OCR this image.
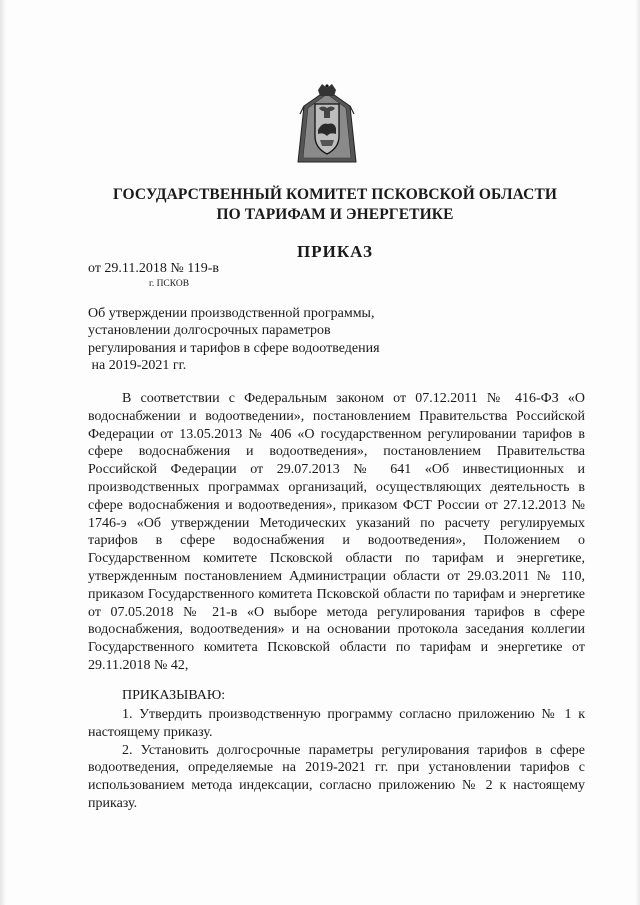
ГОСУДАРСТВЕННЫЙ КОМИТЕТ ПСКОВСКОЙ ОБЛАСТИ
ПО ТАРИФАМ И ЭНЕРГЕТИКЕ
ПРИКАЗ
от 29.11.2018 № 119-в
г. ПСКОВ
Об утверждении производственной программы,
установлении долгосрочных параметров
регулирования и тарифов в сфере водоотведения
на 2019-2021 гг.

В соответствии с Федеральным законом от 07.12.2011 № 416-ФЗ «О водоснабжении и водоотведении», постановлением Правительства Российской Федерации от 13.05.2013 № 406 «О государственном регулировании тарифов в сфере водоснабжения и водоотведения», постановлением Правительства Российской Федерации от 29.07.2013 № 641 «Об инвестиционных и производственных программах организаций, осуществляющих деятельность в сфере водоснабжения и водоотведения», приказом ФСТ России от 27.12.2013 № 1746-э «Об утверждении Методических указаний по расчету регулируемых тарифов в сфере водоснабжения и водоотведения», Положением о Государственном комитете Псковской области по тарифам и энергетике, утвержденным постановлением Администрации области от 29.03.2011 № 110, приказом Государственного комитета Псковской области по тарифам и энергетике от 07.05.2018 № 21-в «О выборе метода регулирования тарифов в сфере водоснабжения, водоотведения» и на основании протокола заседания коллегии Государственного комитета Псковской области по тарифам и энергетике от 29.11.2018 № 42,

ПРИКАЗЫВАЮ:

1. Утвердить производственную программу согласно приложению № 1 к настоящему приказу.

2. Установить долгосрочные параметры регулирования тарифов в сфере водоотведения, определяемые на 2019-2021 гг. при установлении тарифов с использованием метода индексации, согласно приложению № 2 к настоящему приказу.
